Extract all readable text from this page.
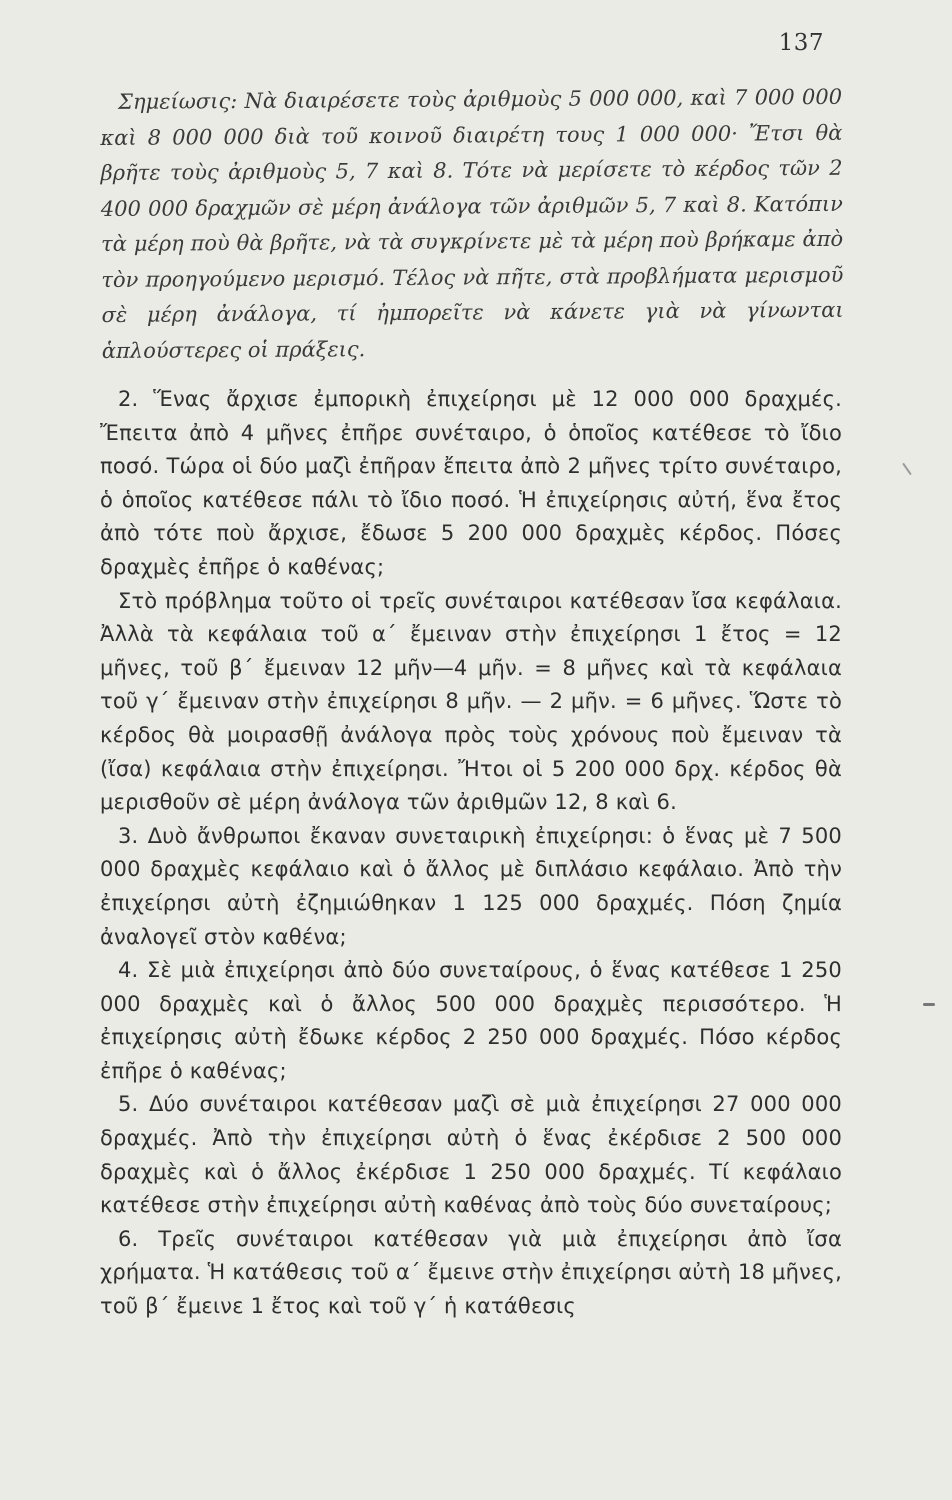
137

Σημείωσις: Νὰ διαιρέσετε τοὺς ἀριθμοὺς 5 000 000, καὶ 7 000 000 καὶ 8 000 000 διὰ τοῦ κοινοῦ διαιρέτη τους 1 000 000· Ἔτσι θὰ βρῆτε τοὺς ἀριθμοὺς 5, 7 καὶ 8. Τότε νὰ μερίσετε τὸ κέρδος τῶν 2 400 000 δραχμῶν σὲ μέρη ἀνάλογα τῶν ἀριθμῶν 5, 7 καὶ 8. Κατόπιν τὰ μέρη ποὺ θὰ βρῆτε, νὰ τὰ συγκρίνετε μὲ τὰ μέρη ποὺ βρήκαμε ἀπὸ τὸν προηγούμενο μερισμό. Τέλος νὰ πῆτε, στὰ προβλήματα μερισμοῦ σὲ μέρη ἀνάλογα, τί ἠμπορεῖτε νὰ κάνετε γιὰ νὰ γίνωνται ἁπλούστερες οἱ πράξεις.

2. Ἕνας ἄρχισε ἐμπορικὴ ἐπιχείρησι μὲ 12 000 000 δραχμές. Ἔπειτα ἀπὸ 4 μῆνες ἐπῆρε συνέταιρο, ὁ ὁποῖος κατέθεσε τὸ ἴδιο ποσό. Τώρα οἱ δύο μαζὶ ἐπῆραν ἔπειτα ἀπὸ 2 μῆνες τρίτο συνέταιρο, ὁ ὁποῖος κατέθεσε πάλι τὸ ἴδιο ποσό. Ἡ ἐπιχείρησις αὐτή, ἕνα ἔτος ἀπὸ τότε ποὺ ἄρχισε, ἔδωσε 5 200 000 δραχμὲς κέρδος. Πόσες δραχμὲς ἐπῆρε ὁ καθένας;

Στὸ πρόβλημα τοῦτο οἱ τρεῖς συνέταιροι κατέθεσαν ἴσα κεφάλαια. Ἀλλὰ τὰ κεφάλαια τοῦ α΄ ἔμειναν στὴν ἐπιχείρησι 1 ἔτος = 12 μῆνες, τοῦ β΄ ἔμειναν 12 μῆν—4 μῆν. = 8 μῆνες καὶ τὰ κεφάλαια τοῦ γ΄ ἔμειναν στὴν ἐπιχείρησι 8 μῆν. — 2 μῆν. = 6 μῆνες. Ὥστε τὸ κέρδος θὰ μοιρασθῇ ἀνάλογα πρὸς τοὺς χρόνους ποὺ ἔμειναν τὰ (ἴσα) κεφάλαια στὴν ἐπιχείρησι. Ἤτοι οἱ 5 200 000 δρχ. κέρδος θὰ μερισθοῦν σὲ μέρη ἀνάλογα τῶν ἀριθμῶν 12, 8 καὶ 6.

3. Δυὸ ἄνθρωποι ἔκαναν συνεταιρικὴ ἐπιχείρησι: ὁ ἕνας μὲ 7 500 000 δραχμὲς κεφάλαιο καὶ ὁ ἄλλος μὲ διπλάσιο κεφάλαιο. Ἀπὸ τὴν ἐπιχείρησι αὐτὴ ἐζημιώθηκαν 1 125 000 δραχμές. Πόση ζημία ἀναλογεῖ στὸν καθένα;

4. Σὲ μιὰ ἐπιχείρησι ἀπὸ δύο συνεταίρους, ὁ ἕνας κατέθεσε 1 250 000 δραχμὲς καὶ ὁ ἄλλος 500 000 δραχμὲς περισσότερο. Ἡ ἐπιχείρησις αὐτὴ ἔδωκε κέρδος 2 250 000 δραχμές. Πόσο κέρδος ἐπῆρε ὁ καθένας;

5. Δύο συνέταιροι κατέθεσαν μαζὶ σὲ μιὰ ἐπιχείρησι 27 000 000 δραχμές. Ἀπὸ τὴν ἐπιχείρησι αὐτὴ ὁ ἕνας ἐκέρδισε 2 500 000 δραχμὲς καὶ ὁ ἄλλος ἐκέρδισε 1 250 000 δραχμές. Τί κεφάλαιο κατέθεσε στὴν ἐπιχείρησι αὐτὴ καθένας ἀπὸ τοὺς δύο συνεταίρους;

6. Τρεῖς συνέταιροι κατέθεσαν γιὰ μιὰ ἐπιχείρησι ἀπὸ ἴσα χρήματα. Ἡ κατάθεσις τοῦ α΄ ἔμεινε στὴν ἐπιχείρησι αὐτὴ 18 μῆνες, τοῦ β΄ ἔμεινε 1 ἔτος καὶ τοῦ γ΄ ἡ κατάθεσις
